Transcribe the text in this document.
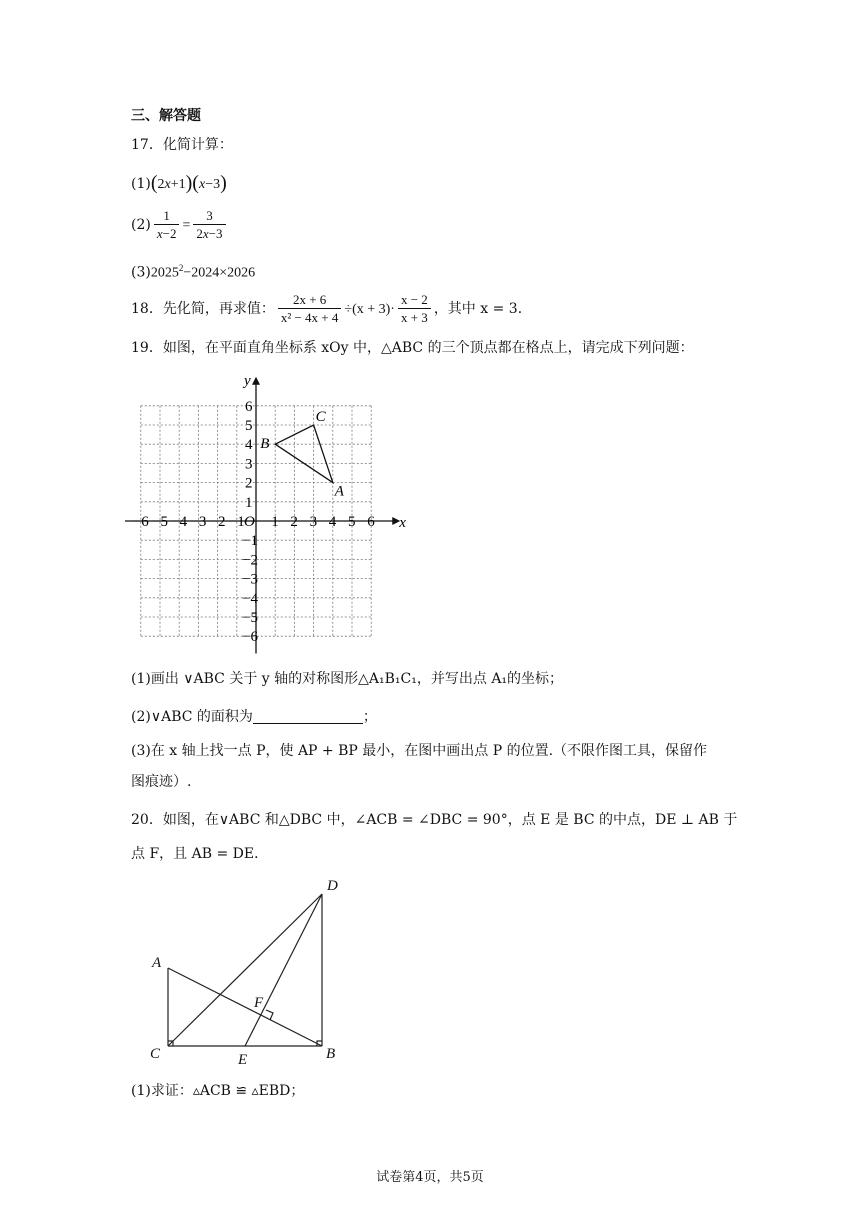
三、解答题
17．化简计算：
(1)(2x+1)(x−3)
$(2) \frac{1}{x-2} = \frac{3}{2x-3}$
$(3)2025^2-2024\times 2026$
18．先化简，再求值： $\frac{2x + 6}{\text{x² − 4x + 4}} \div(x + 3)\cdot \frac{x - 2}{x + 3}$ ，其中 x = 3．
19．如图，在平面直角坐标系 xOy 中，△ABC 的三个顶点都在格点上，请完成下列问题：
x
y
O
−6 −5 −4 −3 −2 −1 1 2 3 4 5 6
6
5
4
3
2
1
−1
−2
−3
−4
−5
−6
A
B
C
(1)画出 ∨ABC 关于 y 轴的对称图形△A₁B₁C₁，并写出点 A₁的坐标；
(2)∨ABC 的面积为	；
(3)在 x 轴上找一点 P，使 AP + BP 最小，在图中画出点 P 的位置.（不限作图工具，保留作
图痕迹）.
20．如图，在∨ABC 和△DBC 中，∠ACB = ∠DBC = 90°，点 E 是 BC 的中点，DE ⊥ AB 于
点 F，且 AB = DE．
A
C	B
D
E
F
(1)求证：▵ACB ≌ ▵EBD；
试卷第4页，共5页
